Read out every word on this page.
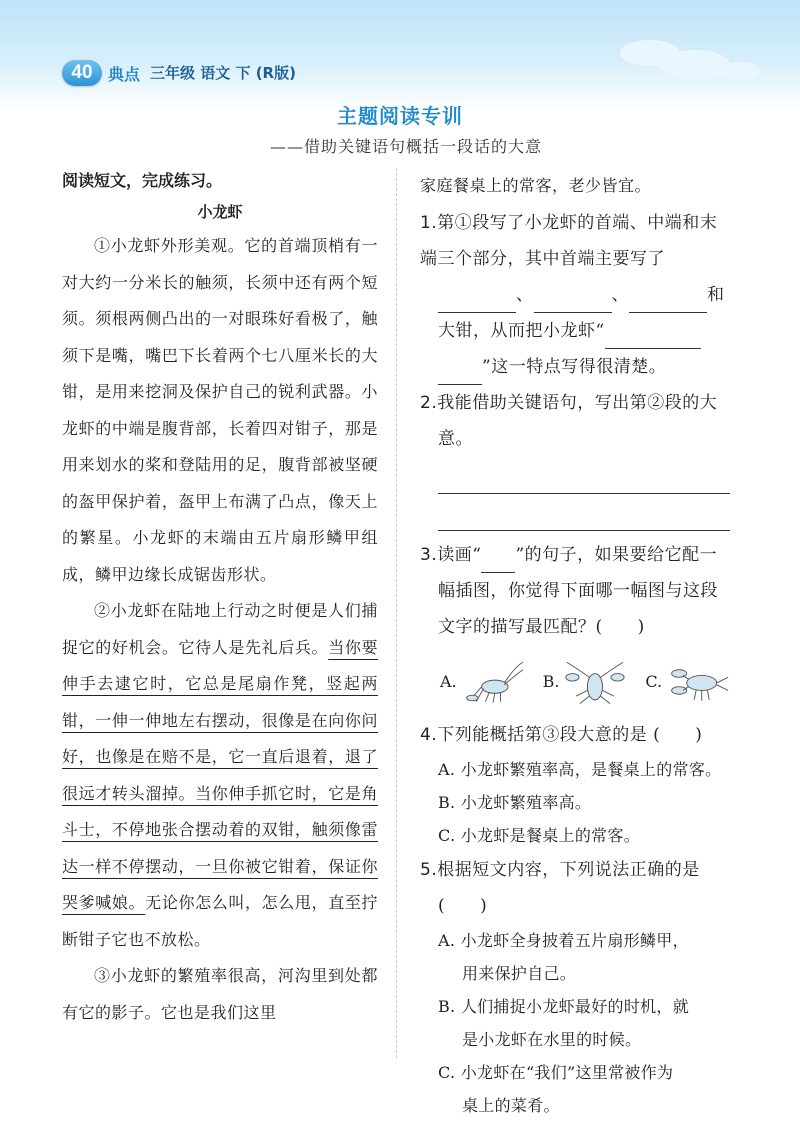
40 典点 三年级 语文 下 (R版)
主题阅读专训
——借助关键语句概括一段话的大意

阅读短文，完成练习。

小龙虾

①小龙虾外形美观。它的首端顶梢有一对大约一分米长的触须，长须中还有两个短须。须根两侧凸出的一对眼珠好看极了，触须下是嘴，嘴巴下长着两个七八厘米长的大钳，是用来挖洞及保护自己的锐利武器。小龙虾的中端是腹背部，长着四对钳子，那是用来划水的桨和登陆用的足，腹背部被坚硬的盔甲保护着，盔甲上布满了凸点，像天上的繁星。小龙虾的末端由五片扇形鳞甲组成，鳞甲边缘长成锯齿形状。

②小龙虾在陆地上行动之时便是人们捕捉它的好机会。它待人是先礼后兵。当你要伸手去逮它时，它总是尾扇作凳，竖起两钳，一伸一伸地左右摆动，很像是在向你问好，也像是在赔不是，它一直后退着，退了很远才转头溜掉。当你伸手抓它时，它是角斗士，不停地张合摆动着的双钳，触须像雷达一样不停摆动，一旦你被它钳着，保证你哭爹喊娘。无论你怎么叫，怎么甩，直至拧断钳子它也不放松。

③小龙虾的繁殖率很高，河沟里到处都有它的影子。它也是我们这里

家庭餐桌上的常客，老少皆宜。

1.第①段写了小龙虾的首端、中端和末端三个部分，其中首端主要写了
、	、	和
大钳，从而把小龙虾“
”这一特点写得很清楚。

2.我能借助关键语句，写出第②段的大意。

3.读画“ ”的句子，如果要给它配一幅插图，你觉得下面哪一幅图与这段文字的描写最匹配？(　　)

A.	B.	C.

4.下列能概括第③段大意的是 (　　)

A. 小龙虾繁殖率高，是餐桌上的常客。

B. 小龙虾繁殖率高。

C. 小龙虾是餐桌上的常客。

5.根据短文内容，下列说法正确的是 (　　)

A. 小龙虾全身披着五片扇形鳞甲，

用来保护自己。

B. 人们捕捉小龙虾最好的时机，就

是小龙虾在水里的时候。

C. 小龙虾在“我们”这里常被作为

桌上的菜肴。
